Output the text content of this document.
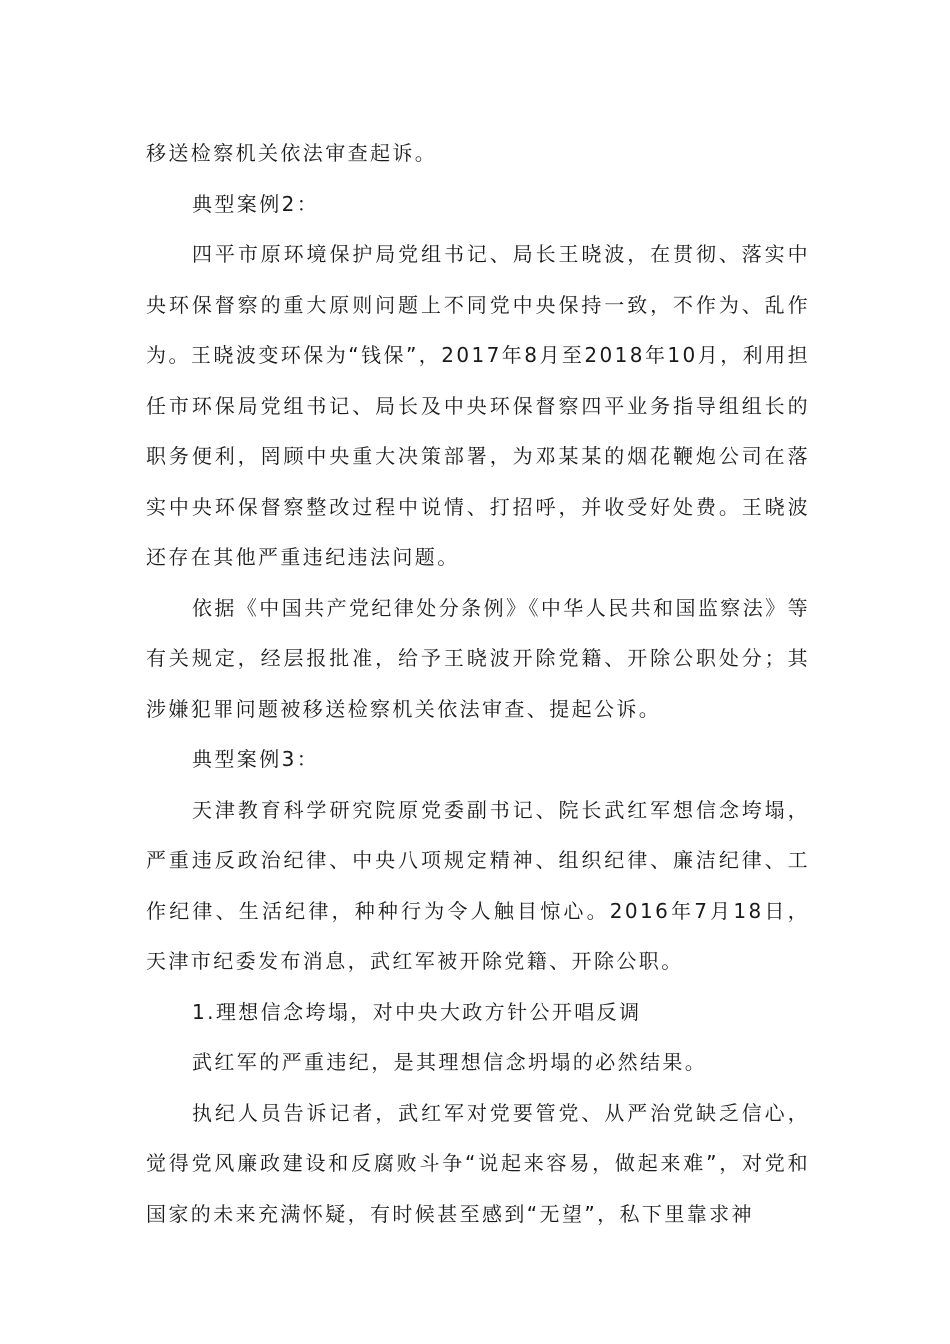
移送检察机关依法审查起诉。

典型案例2：

四平市原环境保护局党组书记、局长王晓波，在贯彻、落实中央环保督察的重大原则问题上不同党中央保持一致，不作为、乱作为。王晓波变环保为“钱保”，2017年8月至2018年10月，利用担任市环保局党组书记、局长及中央环保督察四平业务指导组组长的职务便利，罔顾中央重大决策部署，为邓某某的烟花鞭炮公司在落实中央环保督察整改过程中说情、打招呼，并收受好处费。王晓波还存在其他严重违纪违法问题。

依据《中国共产党纪律处分条例》《中华人民共和国监察法》等有关规定，经层报批准，给予王晓波开除党籍、开除公职处分；其涉嫌犯罪问题被移送检察机关依法审查、提起公诉。

典型案例3：

天津教育科学研究院原党委副书记、院长武红军想信念垮塌，严重违反政治纪律、中央八项规定精神、组织纪律、廉洁纪律、工作纪律、生活纪律，种种行为令人触目惊心。2016年7月18日，天津市纪委发布消息，武红军被开除党籍、开除公职。

1.理想信念垮塌，对中央大政方针公开唱反调

武红军的严重违纪，是其理想信念坍塌的必然结果。

执纪人员告诉记者，武红军对党要管党、从严治党缺乏信心，觉得党风廉政建设和反腐败斗争“说起来容易，做起来难”，对党和国家的未来充满怀疑，有时候甚至感到“无望”，私下里靠求神
